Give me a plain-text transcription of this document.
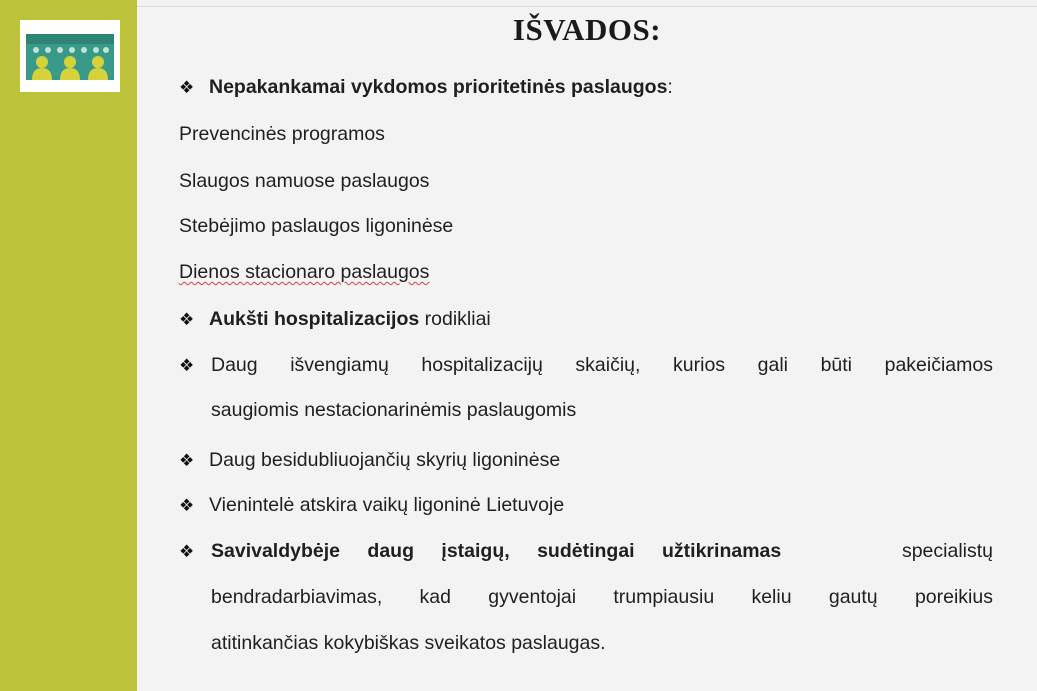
IŠVADOS:
❖ Nepakankamai vykdomos prioritetinės paslaugos:
Prevencinės programos
Slaugos namuose paslaugos
Stebėjimo paslaugos ligoninėse
Dienos stacionaro paslaugos
❖ Aukšti hospitalizacijos rodikliai
❖ Daug išvengiamų hospitalizacijų skaičių, kurios gali būti pakeičiamos
saugiomis nestacionarinėmis paslaugomis
❖ Daug besidubliuojančių skyrių ligoninėse
❖ Vienintelė atskira vaikų ligoninė Lietuvoje
❖ Savivaldybėje daug įstaigų, sudėtingai užtikrinamas	specialistų
bendradarbiavimas, kad gyventojai trumpiausiu keliu gautų poreikius
atitinkančias kokybiškas sveikatos paslaugas.
